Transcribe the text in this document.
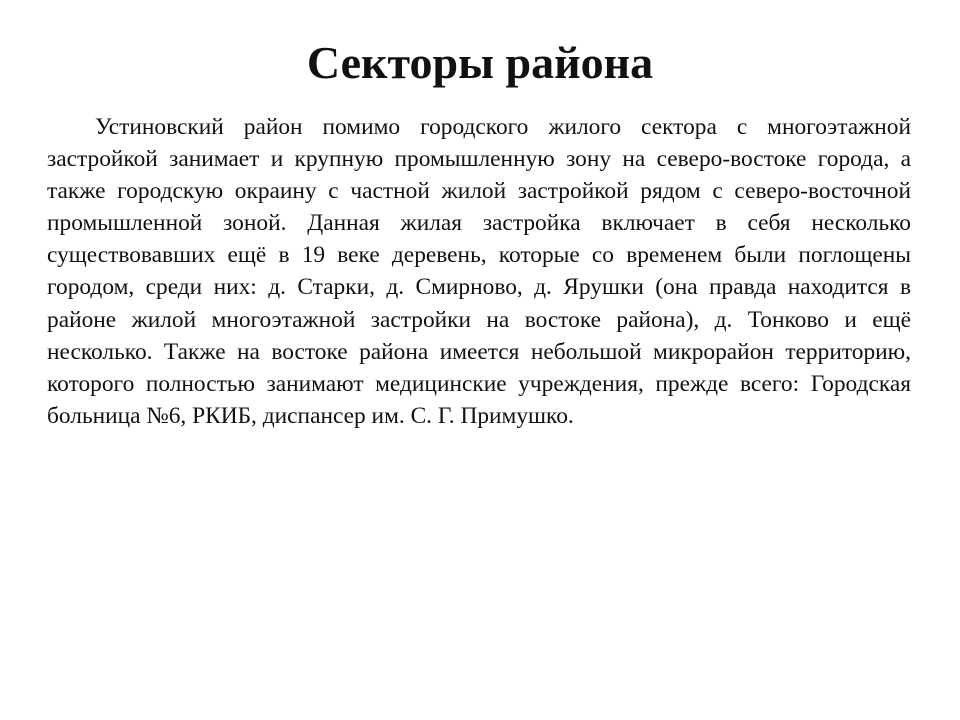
Секторы района

Устиновский район помимо городского жилого сектора с многоэтажной застройкой занимает и крупную промышленную зону на северо-востоке города, а также городскую окраину с частной жилой застройкой рядом с северо-восточной промышленной зоной. Данная жилая застройка включает в себя несколько существовавших ещё в 19 веке деревень, которые со временем были поглощены городом, среди них: д. Старки, д. Смирново, д. Ярушки (она правда находится в районе жилой многоэтажной застройки на востоке района), д. Тонково и ещё несколько. Также на востоке района имеется небольшой микрорайон территорию, которого полностью занимают медицинские учреждения, прежде всего: Городская больница №6, РКИБ, диспансер им. С. Г. Примушко.
